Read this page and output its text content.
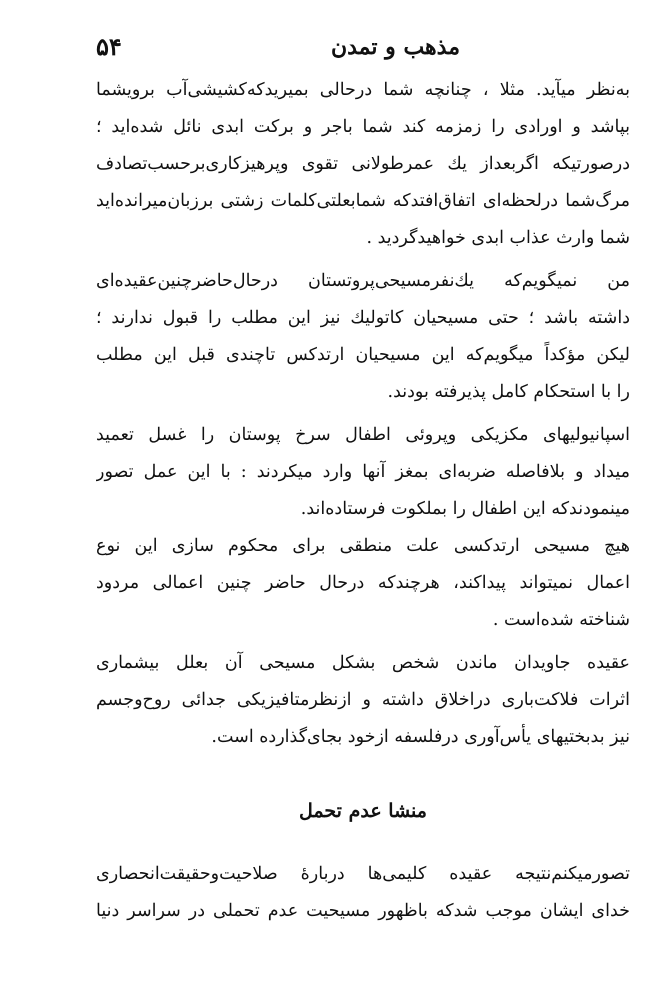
مذهب و تمدن
۵۴
به‌نظر میآید. مثلا ، چنانچه شما درحالی بمیریدکه‌کشیشی‌آب برویشما
بپاشد و اورادی را زمزمه کند شما باجر و برکت ابدی نائل شده‌اید ؛
درصورتیکه اگربعداز یك عمرطولانی تقوی وپرهیزکاری‌برحسب‌تصادف
مرگ‌شما درلحظه‌ای اتفاق‌افتدکه شمابعلتی‌کلمات زشتی برزبان‌میرانده‌اید
شما وارث عذاب ابدی خواهیدگردید .
من نمیگویم‌که یك‌نفرمسیحی‌پروتستان درحال‌حاضرچنین‌عقیده‌ای
داشته باشد ؛ حتی مسیحیان کاتولیك نیز این مطلب را قبول ندارند ؛
لیکن مؤکداً میگویم‌که این مسیحیان ارتدکس تاچندی قبل این مطلب
را با استحکام کامل پذیرفته بودند.
اسپانیولیهای مکزیکی وپروئی اطفال سرخ پوستان را غسل تعمید
میداد و بلافاصله ضربه‌ای بمغز آنها وارد میکردند : با این عمل تصور
مینمودندکه این اطفال را بملکوت فرستاده‌اند.
هیچ مسیحی ارتدکسی علت منطقی برای محکوم سازی این نوع
اعمال نمیتواند پیداکند، هرچندکه درحال حاضر چنین اعمالی مردود
شناخته شده‌است .
عقیده جاویدان ماندن شخص بشکل مسیحی آن بعلل بیشماری
اثرات فلاکت‌باری دراخلاق داشته و ازنظرمتافیزیکی جدائی روح‌وجسم
نیز بدبختیهای یأس‌آوری درفلسفه ازخود بجای‌گذارده است.
منشا عدم تحمل
تصورمیکنم‌نتیجه عقیده کلیمی‌ها دربارهٔ صلاحیت‌وحقیقت‌انحصاری
خدای ایشان موجب شدکه باظهور مسیحیت عدم تحملی در سراسر دنیا
